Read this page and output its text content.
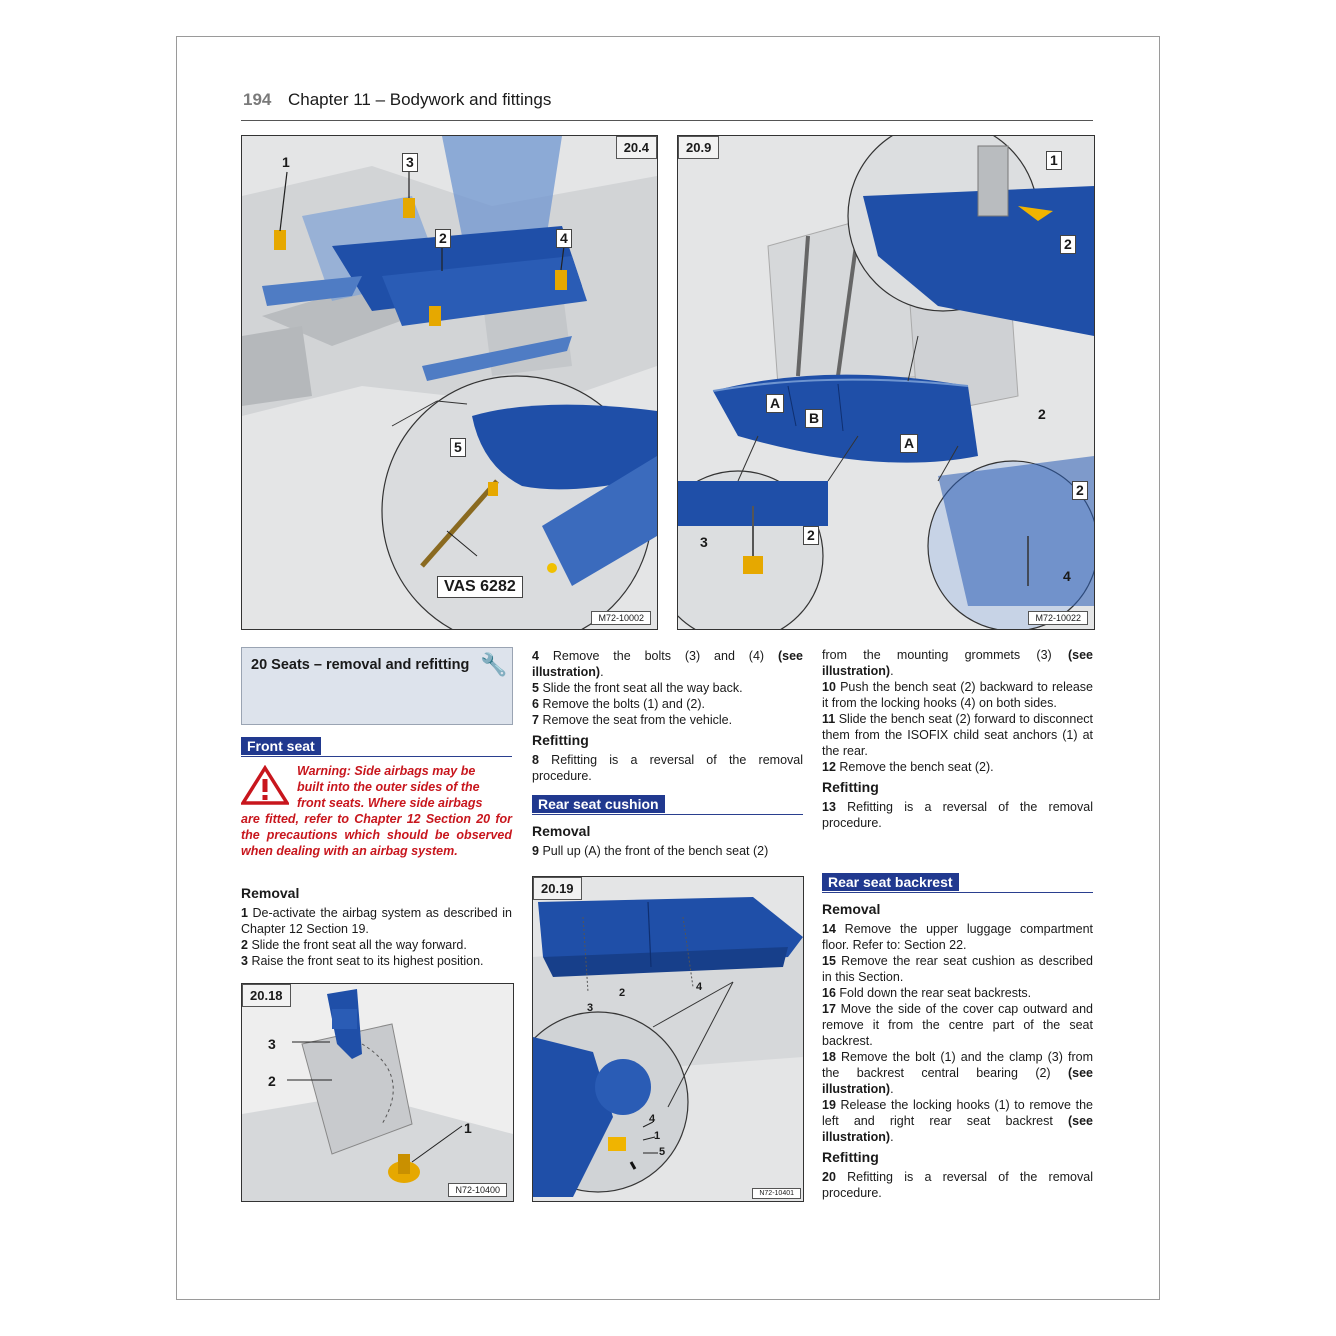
194 Chapter 11 – Bodywork and fittings
20.4
1	3
2	4
5
VAS 6282
M72-10002
20.9
1
2
2
2
2
3
4
A
B
A
M72-10022
20 Seats – removal and refitting 🔧
Front seat
Warning: Side airbags may be
built into the outer sides of the
front seats. Where side airbags
are fitted, refer to Chapter 12 Section 20 for the precautions which should be observed when dealing with an airbag system.

Removal

1 De-activate the airbag system as described in Chapter 12 Section 19.

2 Slide the front seat all the way forward.

3 Raise the front seat to its highest position.

20.18
3
2
1
N72-10400

4 Remove the bolts (3) and (4) (see illustration).

5 Slide the front seat all the way back.

6 Remove the bolts (1) and (2).

7 Remove the seat from the vehicle.

Refitting

8 Refitting is a reversal of the removal procedure.

Rear seat cushion

Removal

9 Pull up (A) the front of the bench seat (2)

20.19
2
3
4
4
1
5
N72-10401

from the mounting grommets (3) (see illustration).

10 Push the bench seat (2) backward to release it from the locking hooks (4) on both sides.

11 Slide the bench seat (2) forward to disconnect them from the ISOFIX child seat anchors (1) at the rear.

12 Remove the bench seat (2).

Refitting

13 Refitting is a reversal of the removal procedure.

Rear seat backrest

Removal

14 Remove the upper luggage compartment floor. Refer to: Section 22.

15 Remove the rear seat cushion as described in this Section.

16 Fold down the rear seat backrests.

17 Move the side of the cover cap outward and remove it from the centre part of the seat backrest.

18 Remove the bolt (1) and the clamp (3) from the backrest central bearing (2) (see illustration).

19 Release the locking hooks (1) to remove the left and right rear seat backrest (see illustration).

Refitting

20 Refitting is a reversal of the removal procedure.
